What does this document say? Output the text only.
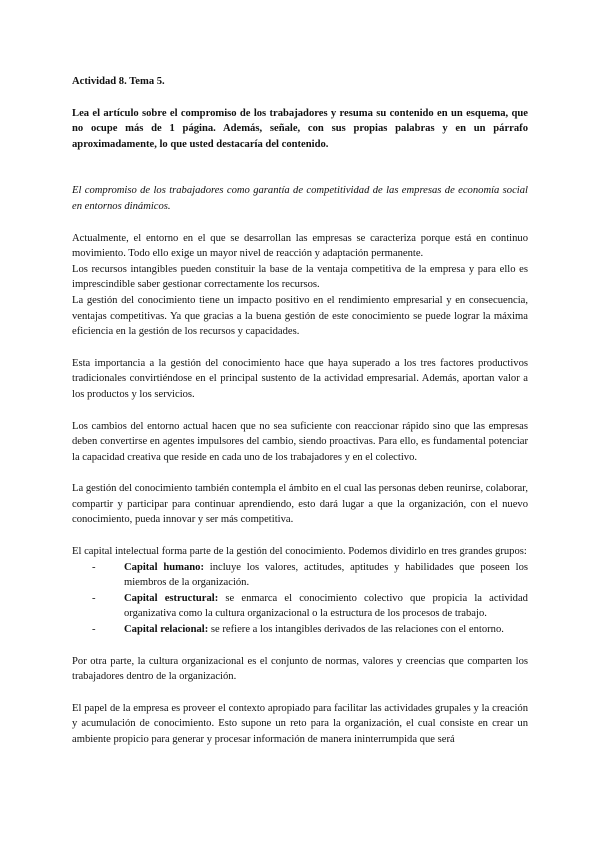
Actividad 8. Tema 5.

Lea el artículo sobre el compromiso de los trabajadores y resuma su contenido en un esquema, que no ocupe más de 1 página. Además, señale, con sus propias palabras y en un párrafo aproximadamente, lo que usted destacaría del contenido.

El compromiso de los trabajadores como garantía de competitividad de las empresas de economía social en entornos dinámicos.

Actualmente, el entorno en el que se desarrollan las empresas se caracteriza porque está en continuo movimiento. Todo ello exige un mayor nivel de reacción y adaptación permanente.

Los recursos intangibles pueden constituir la base de la ventaja competitiva de la empresa y para ello es imprescindible saber gestionar correctamente los recursos.

La gestión del conocimiento tiene un impacto positivo en el rendimiento empresarial y en consecuencia, ventajas competitivas. Ya que gracias a la buena gestión de este conocimiento se puede lograr la máxima eficiencia en la gestión de los recursos y capacidades.

Esta importancia a la gestión del conocimiento hace que haya superado a los tres factores productivos tradicionales convirtiéndose en el principal sustento de la actividad empresarial. Además, aportan valor a los productos y los servicios.

Los cambios del entorno actual hacen que no sea suficiente con reaccionar rápido sino que las empresas deben convertirse en agentes impulsores del cambio, siendo proactivas. Para ello, es fundamental potenciar la capacidad creativa que reside en cada uno de los trabajadores y en el colectivo.

La gestión del conocimiento también contempla el ámbito en el cual las personas deben reunirse, colaborar, compartir y participar para continuar aprendiendo, esto dará lugar a que la organización, con el nuevo conocimiento, pueda innovar y ser más competitiva.

El capital intelectual forma parte de la gestión del conocimiento. Podemos dividirlo en tres grandes grupos:

-	Capital humano: incluye los valores, actitudes, aptitudes y habilidades que poseen los miembros de la organización.
-	Capital estructural: se enmarca el conocimiento colectivo que propicia la actividad organizativa como la cultura organizacional o la estructura de los procesos de trabajo.
-	Capital relacional: se refiere a los intangibles derivados de las relaciones con el entorno.

Por otra parte, la cultura organizacional es el conjunto de normas, valores y creencias que comparten los trabajadores dentro de la organización.

El papel de la empresa es proveer el contexto apropiado para facilitar las actividades grupales y la creación y acumulación de conocimiento. Esto supone un reto para la organización, el cual consiste en crear un ambiente propicio para generar y procesar información de manera ininterrumpida que será
